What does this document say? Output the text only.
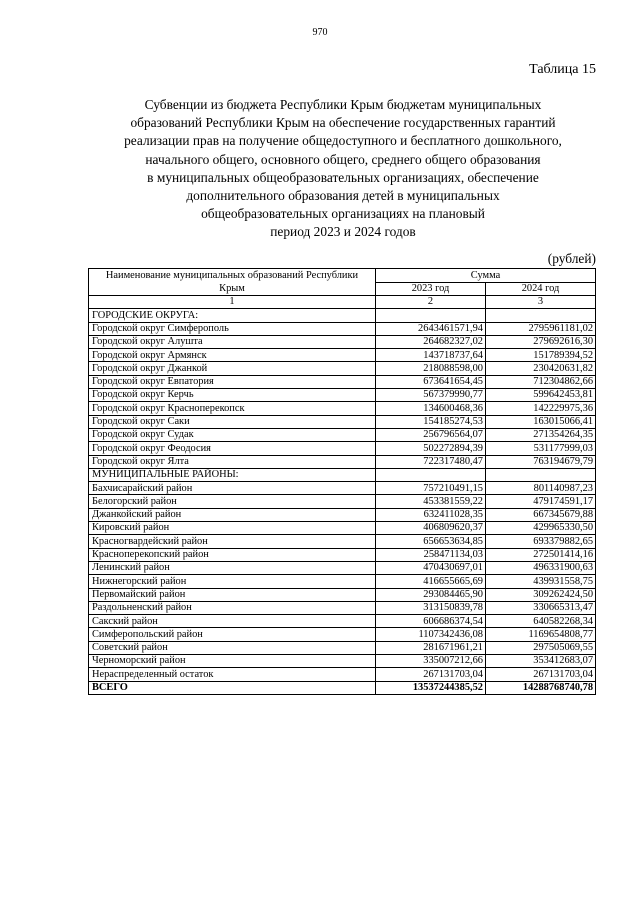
970
Таблица 15
Субвенции из бюджета Республики Крым бюджетам муниципальных
образований Республики Крым на обеспечение государственных гарантий
реализации прав на получение общедоступного и бесплатного дошкольного,
начального общего, основного общего, среднего общего образования
в муниципальных общеобразовательных организациях, обеспечение
дополнительного образования детей в муниципальных
общеобразовательных организациях на плановый
период 2023 и 2024 годов
(рублей)
Наименование муниципальных образований Республики Крым	Сумма	
	2023 год	2024 год
1	2	3
ГОРОДСКИЕ ОКРУГА:		
Городской округ Симферополь	2643461571,94	2795961181,02
Городской округ Алушта	264682327,02	279692616,30
Городской округ Армянск	143718737,64	151789394,52
Городской округ Джанкой	218088598,00	230420631,82
Городской округ Евпатория	673641654,45	712304862,66
Городской округ Керчь	567379990,77	599642453,81
Городской округ Красноперекопск	134600468,36	142229975,36
Городской округ Саки	154185274,53	163015066,41
Городской округ Судак	256796564,07	271354264,35
Городской округ Феодосия	502272894,39	531177999,03
Городской округ Ялта	722317480,47	763194679,79
МУНИЦИПАЛЬНЫЕ РАЙОНЫ:		
Бахчисарайский район	757210491,15	801140987,23
Белогорский район	453381559,22	479174591,17
Джанкойский район	632411028,35	667345679,88
Кировский район	406809620,37	429965330,50
Красногвардейский район	656653634,85	693379882,65
Красноперекопский район	258471134,03	272501414,16
Ленинский район	470430697,01	496331900,63
Нижнегорский район	416655665,69	439931558,75
Первомайский район	293084465,90	309262424,50
Раздольненский район	313150839,78	330665313,47
Сакский район	606686374,54	640582268,34
Симферопольский район	1107342436,08	1169654808,77
Советский район	281671961,21	297505069,55
Черноморский район	335007212,66	353412683,07
Нераспределенный остаток	267131703,04	267131703,04
ВСЕГО	13537244385,52	14288768740,78
